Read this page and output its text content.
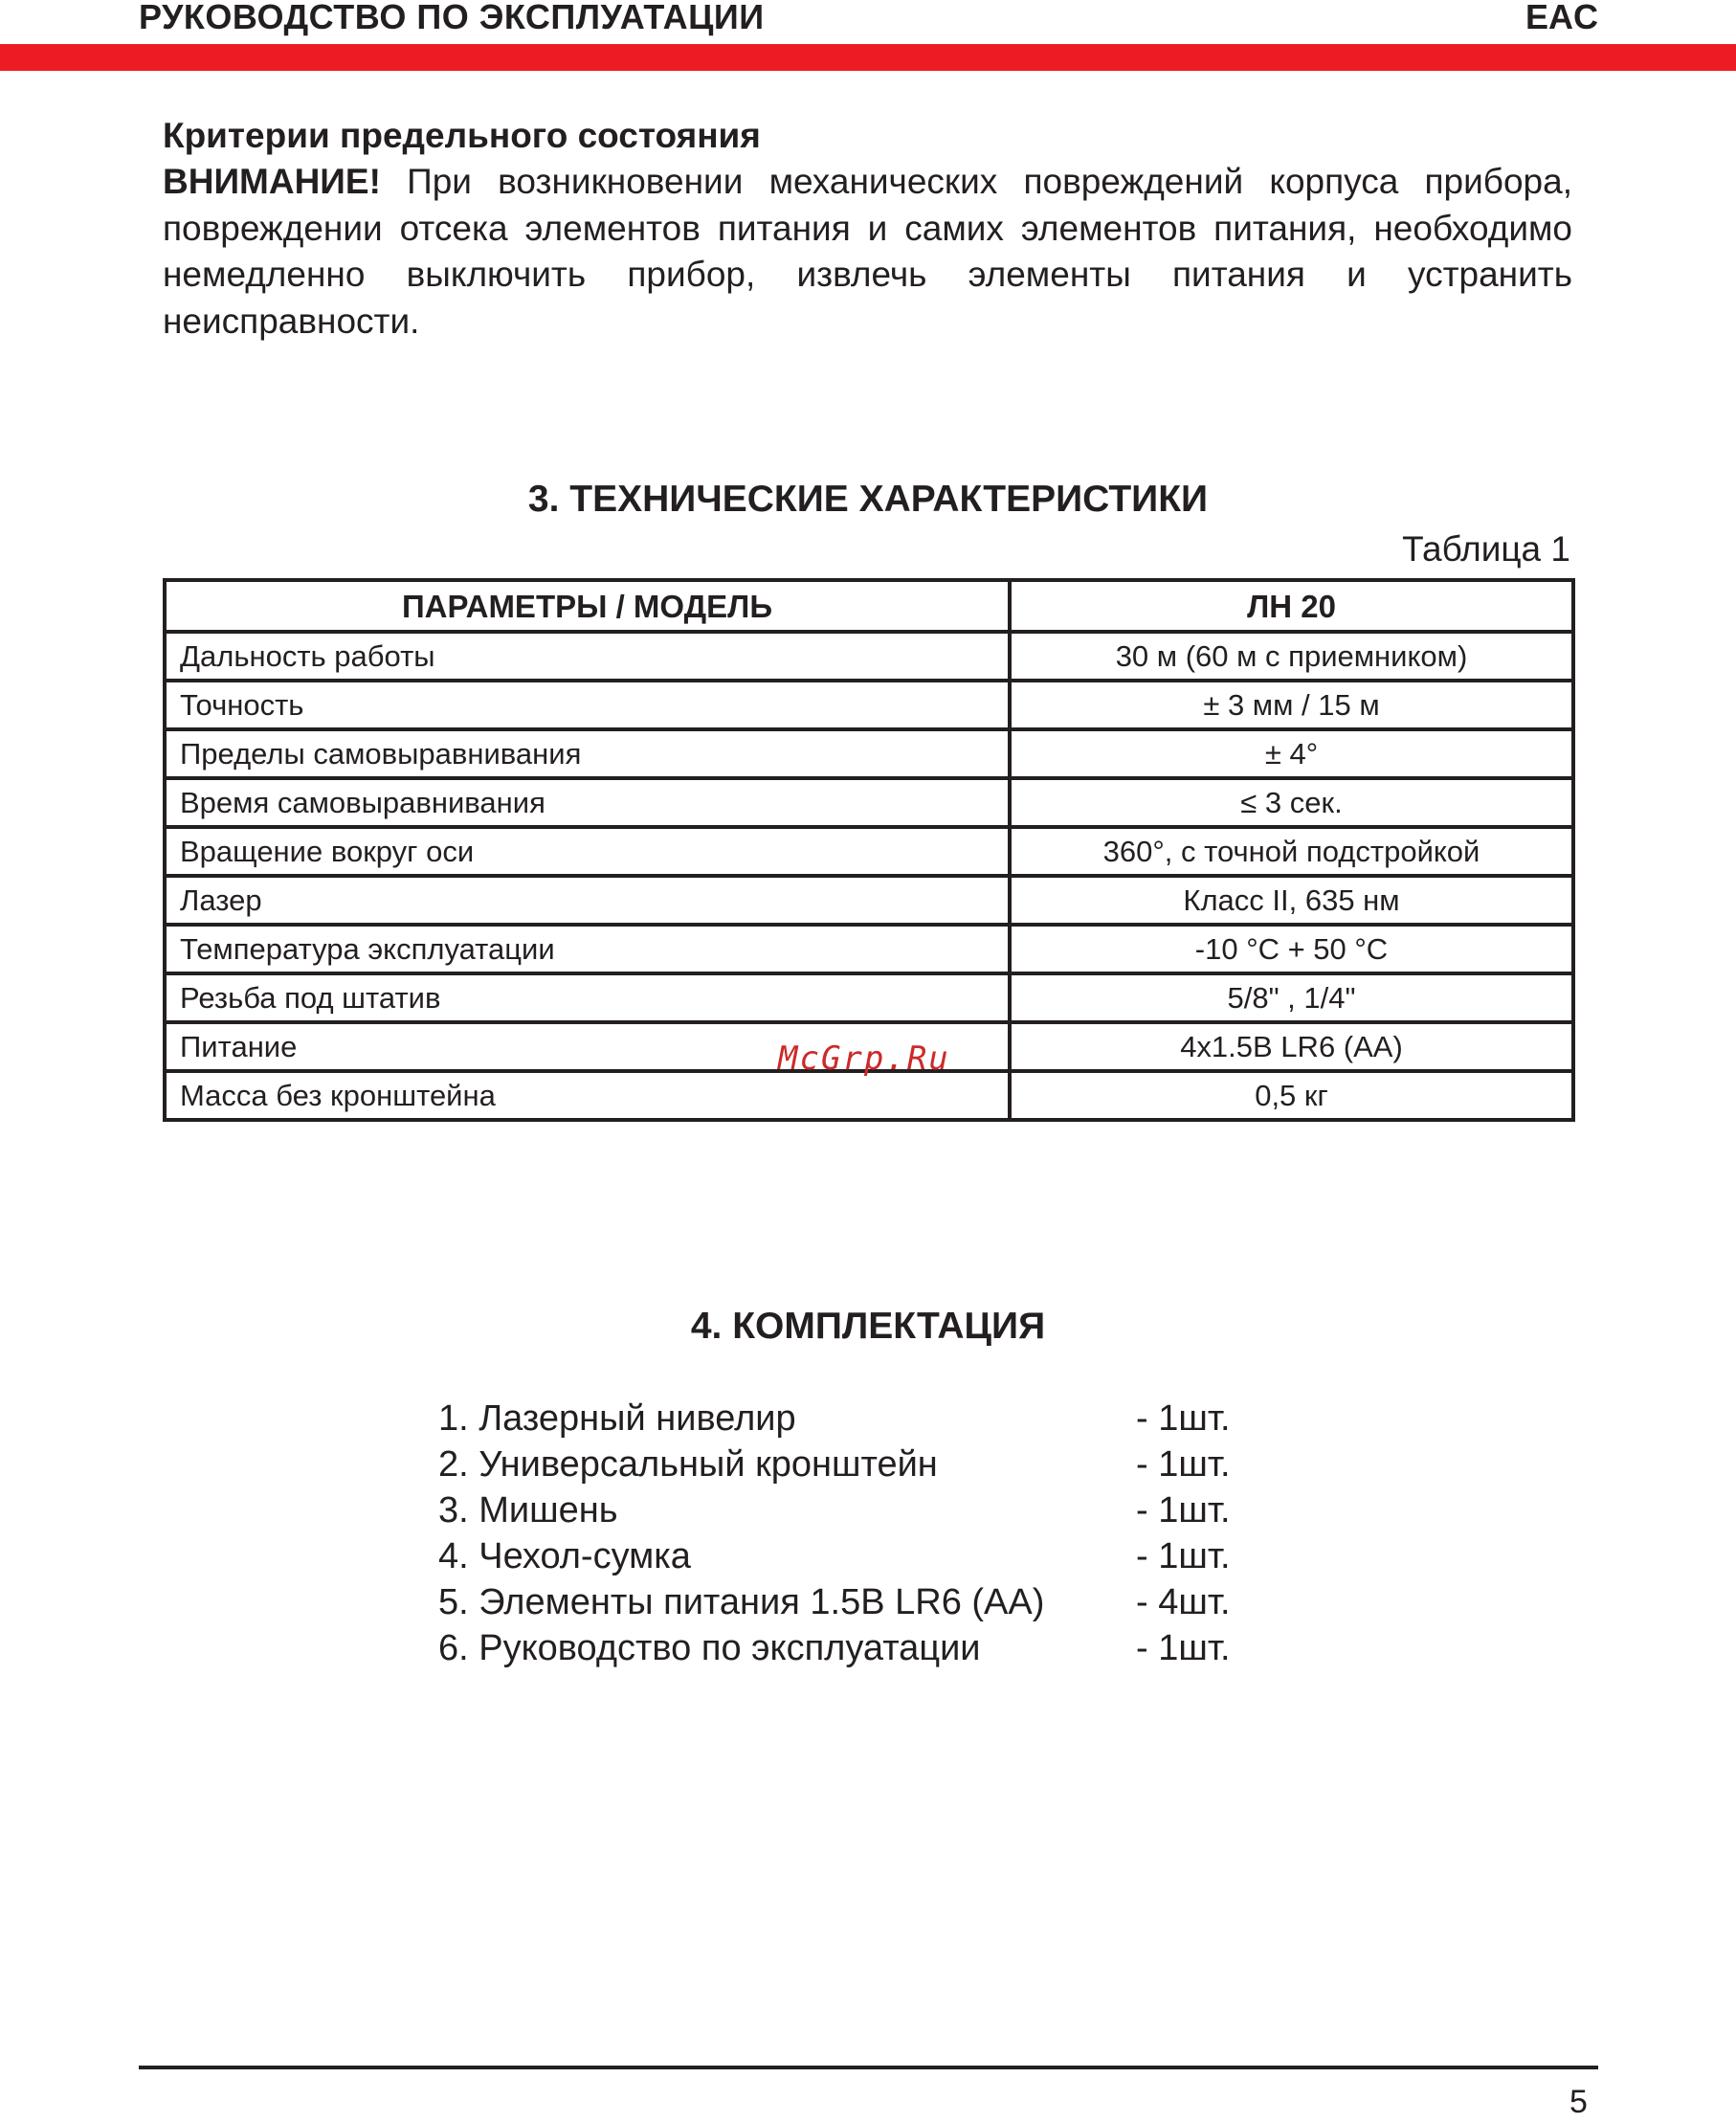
РУКОВОДСТВО ПО ЭКСПЛУАТАЦИИ	EAC
Критерии предельного состояния
ВНИМАНИЕ! При возникновении механических повреждений корпуса прибора, повреждении отсека элементов питания и самих элементов питания, необходимо немедленно выключить прибор, извлечь элементы питания и устранить неисправности.
3. ТЕХНИЧЕСКИЕ ХАРАКТЕРИСТИКИ
Таблица 1
ПАРАМЕТРЫ / МОДЕЛЬ	ЛН 20
Дальность работы	30 м (60 м с приемником)
Точность	± 3 мм / 15 м
Пределы самовыравнивания	± 4°
Время самовыравнивания	≤ 3 сек.
Вращение вокруг оси	360°, с точной подстройкой
Лазер	Класс II, 635 нм
Температура эксплуатации	-10 °C + 50 °C
Резьба под штатив	5/8" , 1/4"
Питание	4x1.5В LR6 (AA)
Масса без кронштейна	0,5 кг
McGrp.Ru
4. КОМПЛЕКТАЦИЯ
1. Лазерный нивелир	- 1шт.
2. Универсальный кронштейн	- 1шт.
3. Мишень	- 1шт.
4. Чехол-сумка	- 1шт.
5. Элементы питания 1.5В LR6 (AA)	- 4шт.
6. Руководство по эксплуатации	- 1шт.
5
